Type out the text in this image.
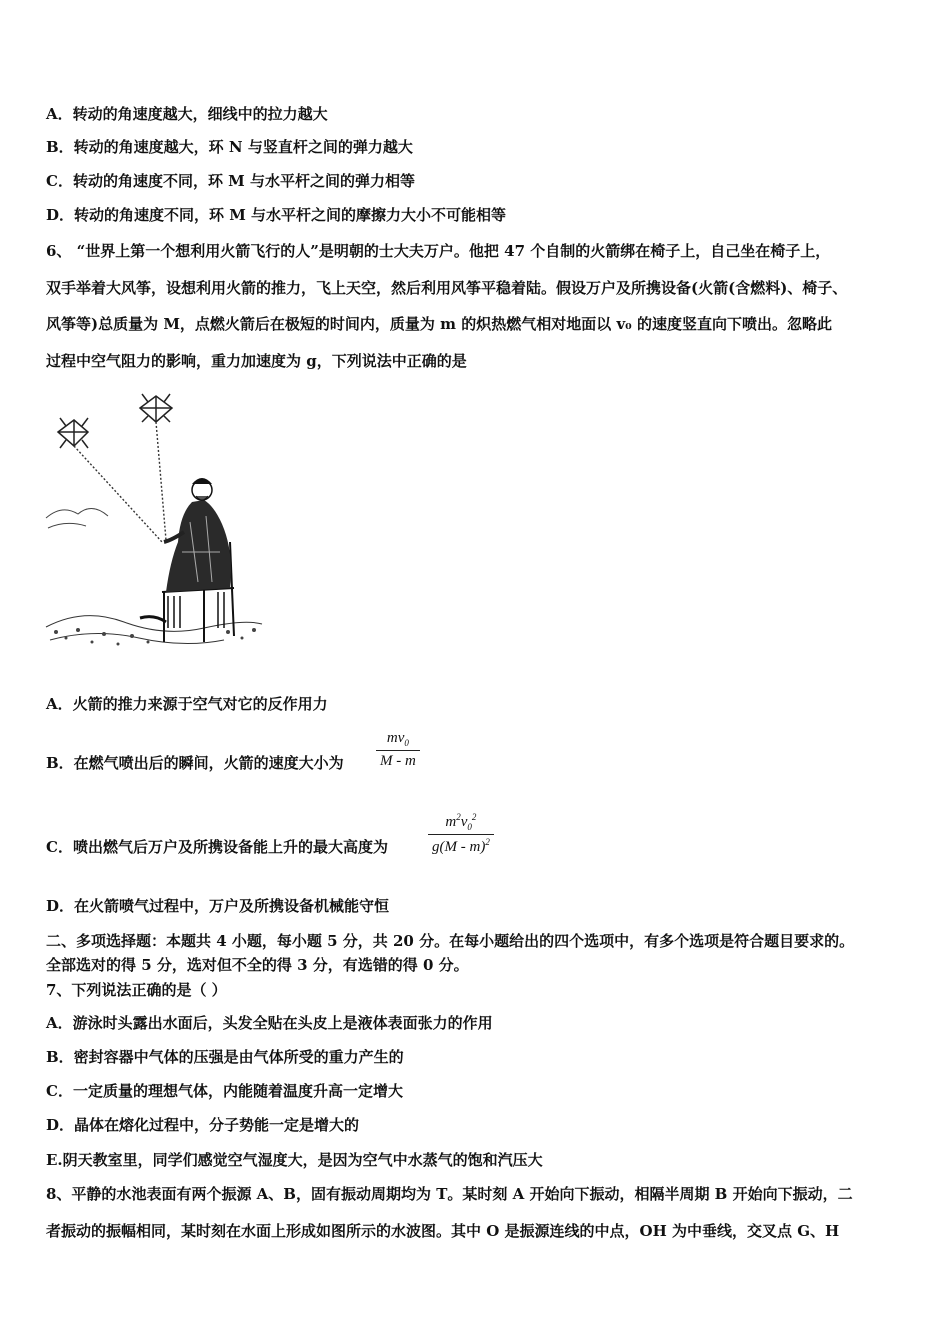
A．转动的角速度越大，细线中的拉力越大
B．转动的角速度越大，环 N 与竖直杆之间的弹力越大
C．转动的角速度不同，环 M 与水平杆之间的弹力相等
D．转动的角速度不同，环 M 与水平杆之间的摩擦力大小不可能相等
6、 “世界上第一个想利用火箭飞行的人”是明朝的士大夫万户。他把 47 个自制的火箭绑在椅子上，自己坐在椅子上，
双手举着大风筝，设想利用火箭的推力，飞上天空，然后利用风筝平稳着陆。假设万户及所携设备(火箭(含燃料)、椅子、
风筝等)总质量为 M，点燃火箭后在极短的时间内，质量为 m 的炽热燃气相对地面以 v₀ 的速度竖直向下喷出。忽略此
过程中空气阻力的影响，重力加速度为 g，下列说法中正确的是
A．火箭的推力来源于空气对它的反作用力
B．在燃气喷出后的瞬间，火箭的速度大小为
$mv_0$
M - m
C．喷出燃气后万户及所携设备能上升的最大高度为
$m^2v_0^2$
g(M - m)$^2$
D．在火箭喷气过程中，万户及所携设备机械能守恒
二、多项选择题：本题共 4 小题，每小题 5 分，共 20 分。在每小题给出的四个选项中，有多个选项是符合题目要求的。
全部选对的得 5 分，选对但不全的得 3 分，有选错的得 0 分。
7、下列说法正确的是（ ）
A．游泳时头露出水面后，头发全贴在头皮上是液体表面张力的作用
B．密封容器中气体的压强是由气体所受的重力产生的
C．一定质量的理想气体，内能随着温度升高一定增大
D．晶体在熔化过程中，分子势能一定是增大的
E.阴天教室里，同学们感觉空气湿度大，是因为空气中水蒸气的饱和汽压大
8、平静的水池表面有两个振源 A、B，固有振动周期均为 T。某时刻 A 开始向下振动，相隔半周期 B 开始向下振动，二
者振动的振幅相同，某时刻在水面上形成如图所示的水波图。其中 O 是振源连线的中点，OH 为中垂线，交叉点 G、H
